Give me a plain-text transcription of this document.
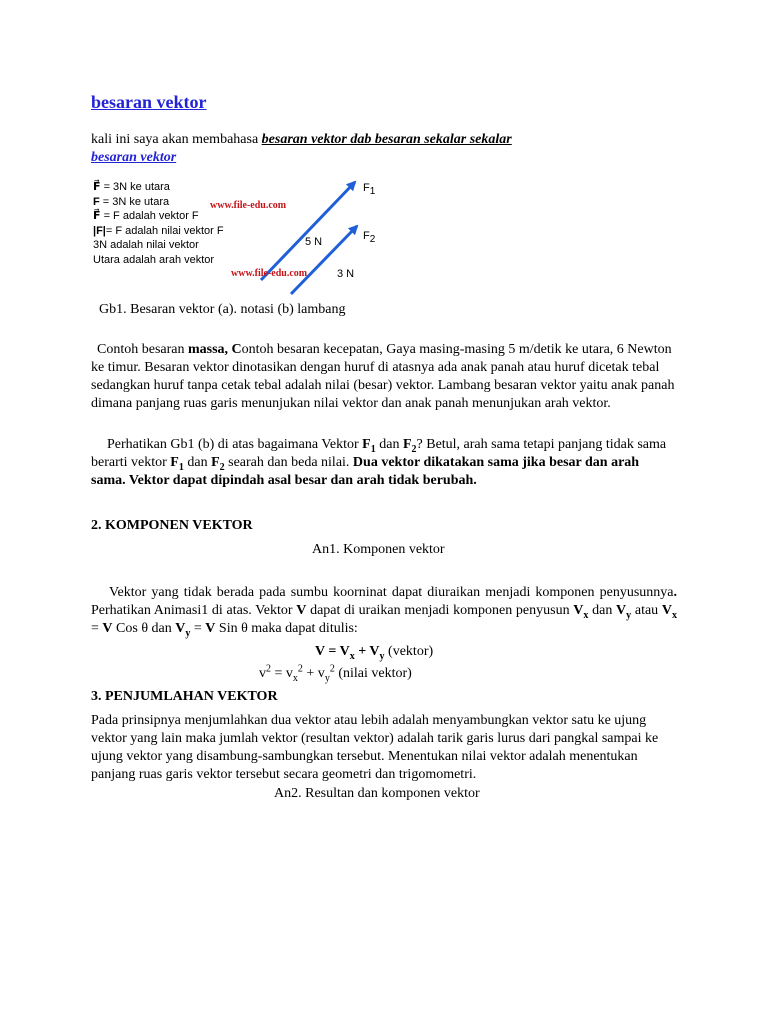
besaran vektor
kali ini saya akan membahasa besaran vektor dab besaran sekalar sekalar
besaran vektor
F⃗ = 3N ke utara
F = 3N ke utara
F⃗ = F adalah vektor F
|F|= F adalah nilai vektor F
3N adalah nilai vektor
Utara adalah arah vektor
www.file-edu.com
www.file-edu.com
5 N
3 N
$F_1$
$F_2$
Gb1. Besaran vektor (a). notasi (b) lambang
Contoh besaran massa, Contoh besaran kecepatan, Gaya masing-masing 5 m/detik ke utara, 6 Newton ke timur. Besaran vektor dinotasikan dengan huruf di atasnya ada anak panah atau huruf dicetak tebal sedangkan huruf tanpa cetak tebal adalah nilai (besar) vektor. Lambang besaran vektor yaitu anak panah dimana panjang ruas garis menunjukan nilai vektor dan anak panah menunjukan arah vektor.
Perhatikan Gb1 (b) di atas bagaimana Vektor $F_1$ dan $F_2$? Betul, arah sama tetapi panjang tidak sama berarti vektor $F_1$ dan $F_2$ searah dan beda nilai. Dua vektor dikatakan sama jika besar dan arah sama. Vektor dapat dipindah asal besar dan arah tidak berubah.
2. KOMPONEN VEKTOR
An1. Komponen vektor
Vektor yang tidak berada pada sumbu koorninat dapat diuraikan menjadi komponen penyusunnya. Perhatikan Animasi1 di atas. Vektor V dapat di uraikan menjadi komponen penyusun $V_x$ dan $V_y$ atau $V_x = V$ Cos θ dan $V_y = V$ Sin θ maka dapat ditulis:
$V = V_x + V_y$ (vektor)
$v^2 = v_x^2 + v_y^2$ (nilai vektor)
3. PENJUMLAHAN VEKTOR
Pada prinsipnya menjumlahkan dua vektor atau lebih adalah menyambungkan vektor satu ke ujung vektor yang lain maka jumlah vektor (resultan vektor) adalah tarik garis lurus dari pangkal sampai ke ujung vektor yang disambung-sambungkan tersebut. Menentukan nilai vektor adalah menentukan panjang ruas garis vektor tersebut secara geometri dan trigomometri.
An2. Resultan dan komponen vektor
